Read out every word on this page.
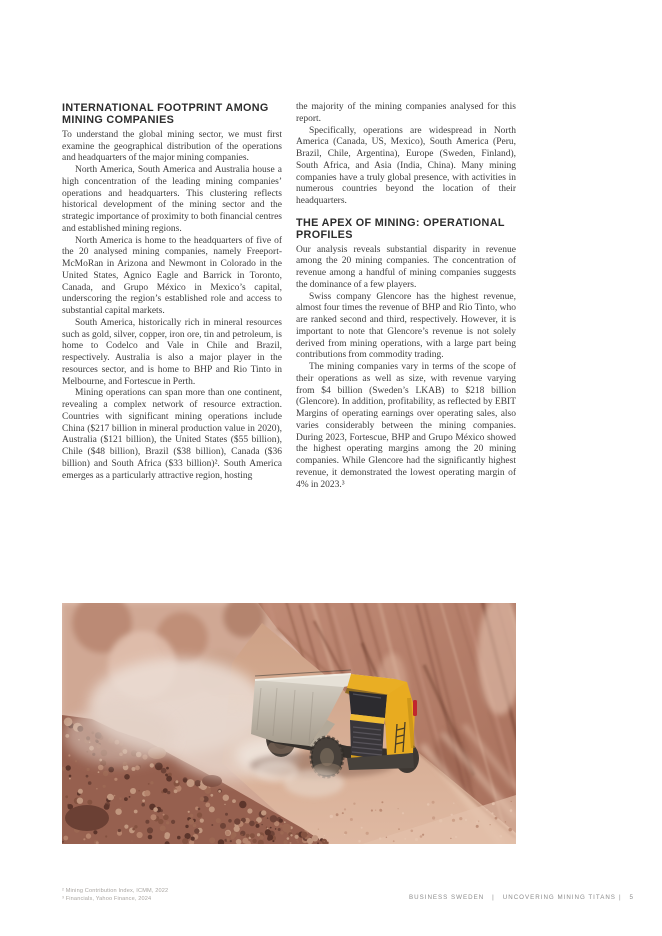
INTERNATIONAL FOOTPRINT AMONG MINING COMPANIES

To understand the global mining sector, we must first examine the geographical distribution of the operations and headquarters of the major mining companies.

North America, South America and Australia house a high concentration of the leading mining companies’ operations and headquarters. This clustering reflects historical development of the mining sector and the strategic importance of proximity to both financial centres and established mining regions.

North America is home to the headquarters of five of the 20 analysed mining companies, namely Freeport-McMoRan in Arizona and Newmont in Colorado in the United States, Agnico Eagle and Barrick in Toronto, Canada, and Grupo México in Mexico’s capital, underscoring the region’s established role and access to substantial capital markets.

South America, historically rich in mineral resources such as gold, silver, copper, iron ore, tin and petroleum, is home to Codelco and Vale in Chile and Brazil, respectively. Australia is also a major player in the resources sector, and is home to BHP and Rio Tinto in Melbourne, and Fortescue in Perth.

Mining operations can span more than one continent, revealing a complex network of resource extraction. Countries with significant mining operations include China ($217 billion in mineral production value in 2020), Australia ($121 billion), the United States ($55 billion), Chile ($48 billion), Brazil ($38 billion), Canada ($36 billion) and South Africa ($33 billion)². South America emerges as a particularly attractive region, hosting

the majority of the mining companies analysed for this report.

Specifically, operations are widespread in North America (Canada, US, Mexico), South America (Peru, Brazil, Chile, Argentina), Europe (Sweden, Finland), South Africa, and Asia (India, China). Many mining companies have a truly global presence, with activities in numerous countries beyond the location of their headquarters.

THE APEX OF MINING: OPERATIONAL PROFILES

Our analysis reveals substantial disparity in revenue among the 20 mining companies. The concentration of revenue among a handful of mining companies suggests the dominance of a few players.

Swiss company Glencore has the highest revenue, almost four times the revenue of BHP and Rio Tinto, who are ranked second and third, respectively. However, it is important to note that Glencore’s revenue is not solely derived from mining operations, with a large part being contributions from commodity trading.

The mining companies vary in terms of the scope of their operations as well as size, with revenue varying from $4 billion (Sweden’s LKAB) to $218 billion (Glencore). In addition, profitability, as reflected by EBIT Margins of operating earnings over operating sales, also varies considerably between the mining companies. During 2023, Fortescue, BHP and Grupo México showed the highest operating margins among the 20 mining companies. While Glencore had the significantly highest revenue, it demonstrated the lowest operating margin of 4% in 2023.³

² Mining Contribution Index, ICMM, 2022
³ Financials, Yahoo Finance, 2024	BUSINESS SWEDEN | UNCOVERING MINING TITANS | 5
